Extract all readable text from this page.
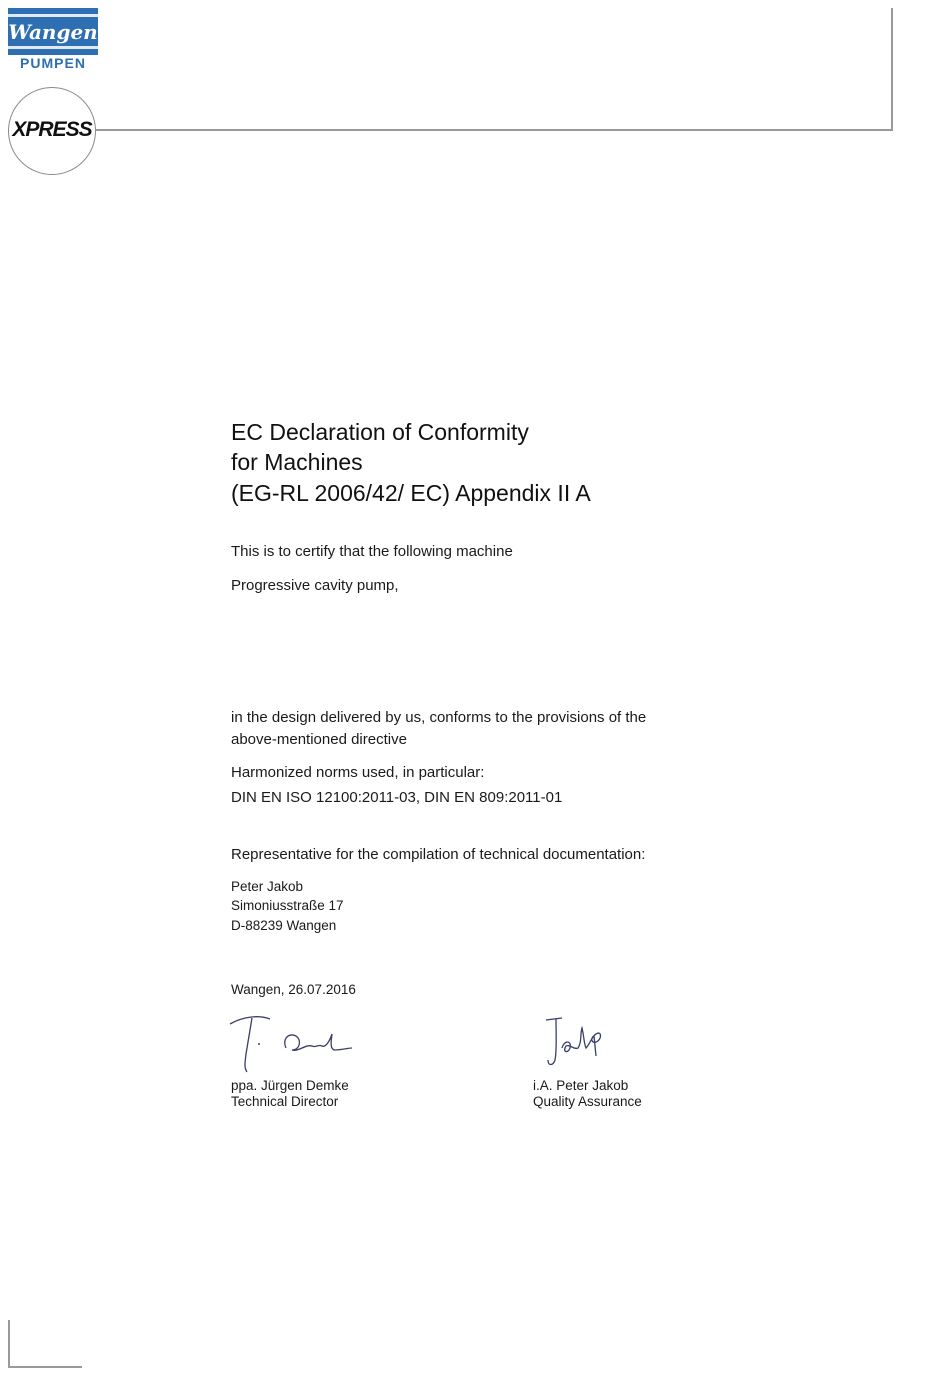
Wangen
PUMPEN
XPRESS
EC Declaration of Conformity
for Machines
(EG-RL 2006/42/ EC) Appendix II A
This is to certify that the following machine
Progressive cavity pump,
in the design delivered by us, conforms to the provisions of the
above-mentioned directive
Harmonized norms used, in particular:
DIN EN ISO 12100:2011-03, DIN EN 809:2011-01
Representative for the compilation of technical documentation:
Peter Jakob
Simoniusstraße 17
D-88239 Wangen
Wangen, 26.07.2016
ppa. Jürgen Demke
Technical Director
i.A. Peter Jakob
Quality Assurance
